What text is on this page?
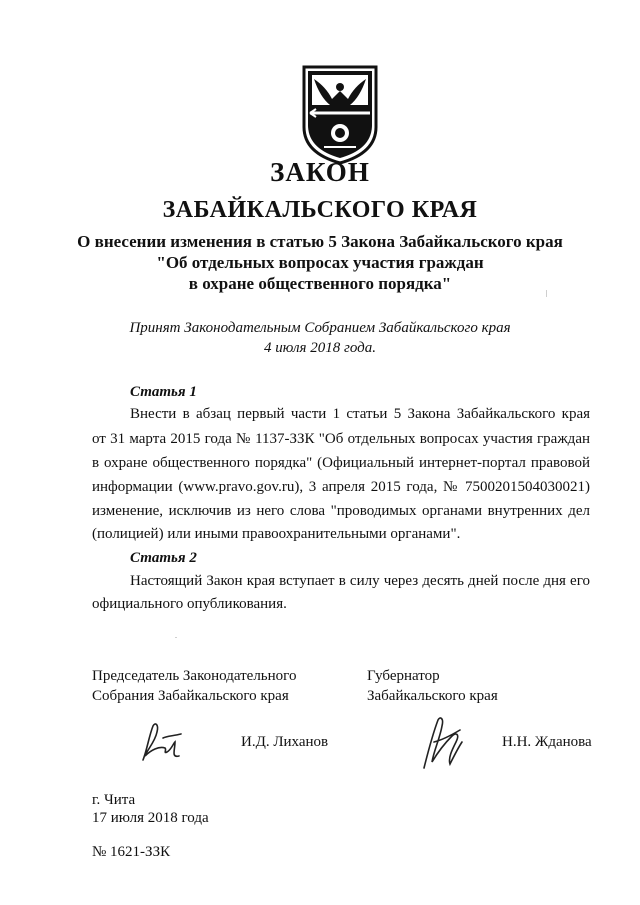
ЗАКОН
ЗАБАЙКАЛЬСКОГО КРАЯ
О внесении изменения в статью 5 Закона Забайкальского края
"Об отдельных вопросах участия граждан
в охране общественного порядка"
Принят Законодательным Собранием Забайкальского края
4 июля 2018 года.
Статья 1
Внести в абзац первый части 1 статьи 5 Закона Забайкальского края
от 31 марта 2015 года № 1137-ЗЗК "Об отдельных вопросах участия граждан
в охране общественного порядка" (Официальный интернет-портал правовой
информации (www.pravo.gov.ru), 3 апреля 2015 года, № 7500201504030021)
изменение, исключив из него слова "проводимых органами внутренних дел
(полицией) или иными правоохранительными органами".
Статья 2
Настоящий Закон края вступает в силу через десять дней после дня его
официального опубликования.
Председатель Законодательного
Собрания Забайкальского края
Губернатор
Забайкальского края
И.Д. Лиханов	Н.Н. Жданова
г. Чита
17 июля 2018 года
№ 1621-ЗЗК
